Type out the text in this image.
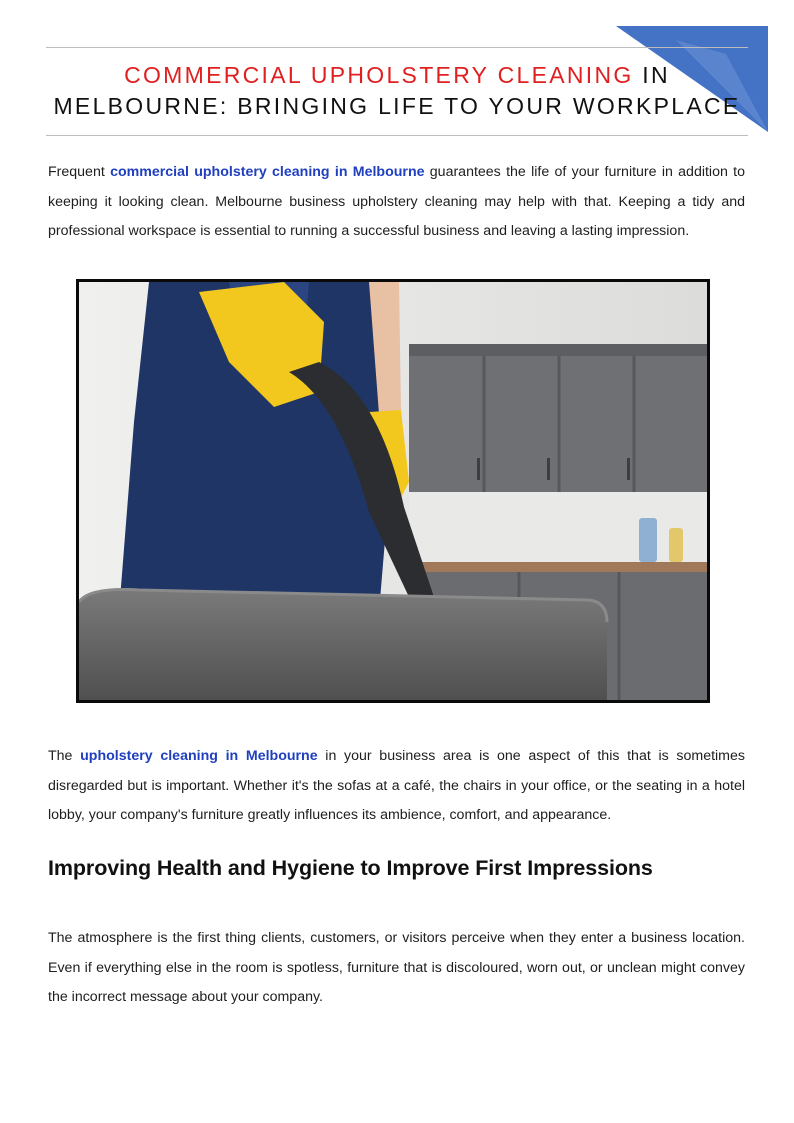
COMMERCIAL UPHOLSTERY CLEANING IN MELBOURNE: BRINGING LIFE TO YOUR WORKPLACE

Frequent commercial upholstery cleaning in Melbourne guarantees the life of your furniture in addition to keeping it looking clean. Melbourne business upholstery cleaning may help with that. Keeping a tidy and professional workspace is essential to running a successful business and leaving a lasting impression.

The upholstery cleaning in Melbourne in your business area is one aspect of this that is sometimes disregarded but is important. Whether it's the sofas at a café, the chairs in your office, or the seating in a hotel lobby, your company's furniture greatly influences its ambience, comfort, and appearance.

Improving Health and Hygiene to Improve First Impressions

The atmosphere is the first thing clients, customers, or visitors perceive when they enter a business location. Even if everything else in the room is spotless, furniture that is discoloured, worn out, or unclean might convey the incorrect message about your company.
